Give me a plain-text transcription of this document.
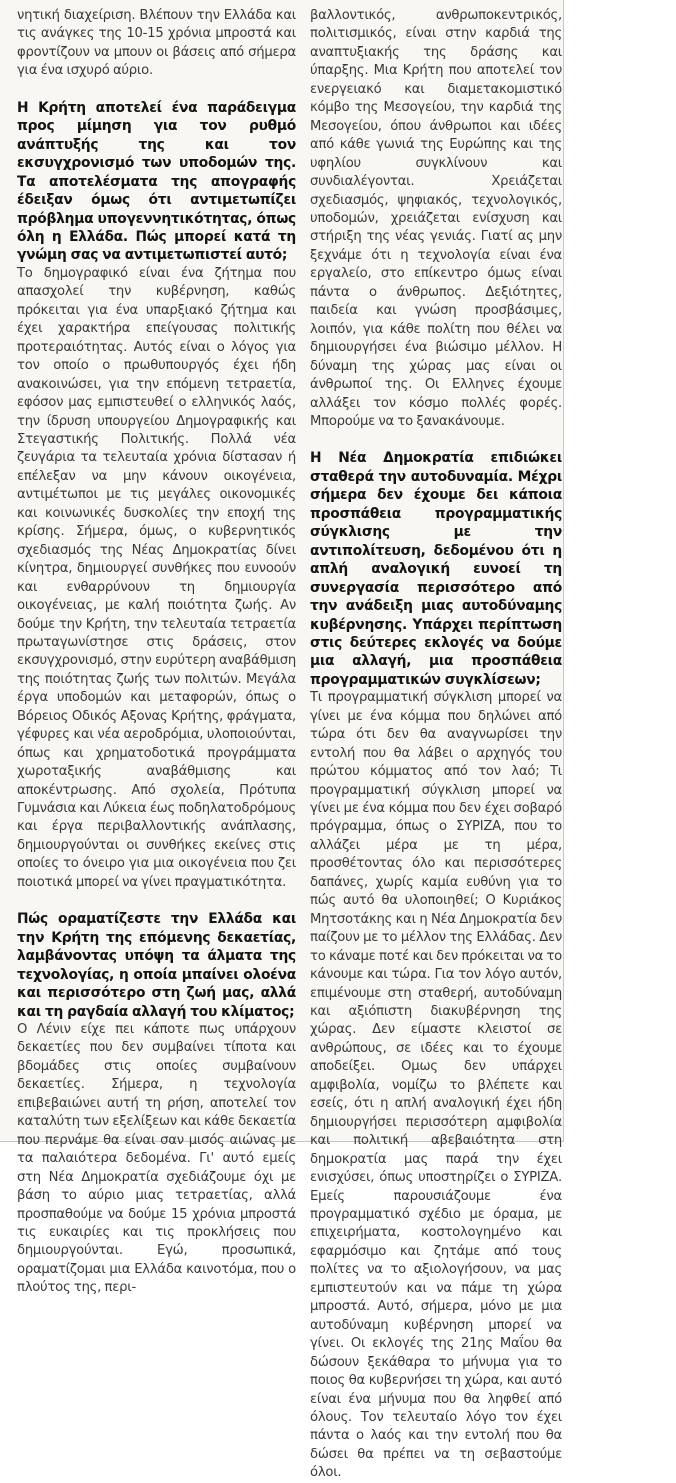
νητική διαχείριση. Βλέπουν την Ελλάδα και τις ανάγκες της 10-15 χρόνια μπροστά και φροντίζουν να μπουν οι βάσεις από σήμερα για ένα ισχυρό αύριο.

Η Κρήτη αποτελεί ένα παράδειγμα προς μίμηση για τον ρυθμό ανάπτυξής της και τον εκσυγχρονισμό των υποδομών της. Τα αποτελέσματα της απογραφής έδειξαν όμως ότι αντιμετωπίζει πρόβλημα υπογεννητικότητας, όπως όλη η Ελλάδα. Πώς μπορεί κατά τη γνώμη σας να αντιμετωπιστεί αυτό;

Το δημογραφικό είναι ένα ζήτημα που απασχολεί την κυβέρνηση, καθώς πρόκειται για ένα υπαρξιακό ζήτημα και έχει χαρακτήρα επείγουσας πολιτικής προτεραιότητας. Αυτός είναι ο λόγος για τον οποίο ο πρωθυπουργός έχει ήδη ανακοινώσει, για την επόμενη τετραετία, εφόσον μας εμπιστευθεί ο ελληνικός λαός, την ίδρυση υπουργείου Δημογραφικής και Στεγαστικής Πολιτικής. Πολλά νέα ζευγάρια τα τελευταία χρόνια δίστασαν ή επέλεξαν να μην κάνουν οικογένεια, αντιμέτωποι με τις μεγάλες οικονομικές και κοινωνικές δυσκολίες την εποχή της κρίσης. Σήμερα, όμως, ο κυβερνητικός σχεδιασμός της Νέας Δημοκρατίας δίνει κίνητρα, δημιουργεί συνθήκες που ευνοούν και ενθαρρύνουν τη δημιουργία οικογένειας, με καλή ποιότητα ζωής. Αν δούμε την Κρήτη, την τελευταία τετραετία πρωταγωνίστησε στις δράσεις, στον εκσυγχρονισμό, στην ευρύτερη αναβάθμιση της ποιότητας ζωής των πολιτών. Μεγάλα έργα υποδομών και μεταφορών, όπως ο Βόρειος Οδικός Αξονας Κρήτης, φράγματα, γέφυρες και νέα αεροδρόμια, υλοποιούνται, όπως και χρηματοδοτικά προγράμματα χωροταξικής αναβάθμισης και αποκέντρωσης. Από σχολεία, Πρότυπα Γυμνάσια και Λύκεια έως ποδηλατοδρόμους και έργα περιβαλλοντικής ανάπλασης, δημιουργούνται οι συνθήκες εκείνες στις οποίες το όνειρο για μια οικογένεια που ζει ποιοτικά μπορεί να γίνει πραγματικότητα.

Πώς οραματίζεστε την Ελλάδα και την Κρήτη της επόμενης δεκαετίας, λαμβάνοντας υπόψη τα άλματα της τεχνολογίας, η οποία μπαίνει ολοένα και περισσότερο στη ζωή μας, αλλά και τη ραγδαία αλλαγή του κλίματος;

Ο Λένιν είχε πει κάποτε πως υπάρχουν δεκαετίες που δεν συμβαίνει τίποτα και βδομάδες στις οποίες συμβαίνουν δεκαετίες. Σήμερα, η τεχνολογία επιβεβαιώνει αυτή τη ρήση, αποτελεί τον καταλύτη των εξελίξεων και κάθε δεκαετία που περνάμε θα είναι σαν μισός αιώνας με τα παλαιότερα δεδομένα. Γι' αυτό εμείς στη Νέα Δημοκρατία σχεδιάζουμε όχι με βάση το αύριο μιας τετραετίας, αλλά προσπαθούμε να δούμε 15 χρόνια μπροστά τις ευκαιρίες και τις προκλήσεις που δημιουργούνται. Εγώ, προσωπικά, οραματίζομαι μια Ελλάδα καινοτόμα, που ο πλούτος της, περι-

βαλλοντικός, ανθρωποκεντρικός, πολιτισμικός, είναι στην καρδιά της αναπτυξιακής της δράσης και ύπαρξης. Μια Κρήτη που αποτελεί τον ενεργειακό και διαμετακομιστικό κόμβο της Μεσογείου, την καρδιά της Μεσογείου, όπου άνθρωποι και ιδέες από κάθε γωνιά της Ευρώπης και της υφηλίου συγκλίνουν και συνδιαλέγονται. Χρειάζεται σχεδιασμός, ψηφιακός, τεχνολογικός, υποδομών, χρειάζεται ενίσχυση και στήριξη της νέας γενιάς. Γιατί ας μην ξεχνάμε ότι η τεχνολογία είναι ένα εργαλείο, στο επίκεντρο όμως είναι πάντα ο άνθρωπος. Δεξιότητες, παιδεία και γνώση προσβάσιμες, λοιπόν, για κάθε πολίτη που θέλει να δημιουργήσει ένα βιώσιμο μέλλον. Η δύναμη της χώρας μας είναι οι άνθρωποί της. Οι Ελληνες έχουμε αλλάξει τον κόσμο πολλές φορές. Μπορούμε να το ξανακάνουμε.

Η Νέα Δημοκρατία επιδιώκει σταθερά την αυτοδυναμία. Μέχρι σήμερα δεν έχουμε δει κάποια προσπάθεια προγραμματικής σύγκλισης με την αντιπολίτευση, δεδομένου ότι η απλή αναλογική ευνοεί τη συνεργασία περισσότερο από την ανάδειξη μιας αυτοδύναμης κυβέρνησης. Υπάρχει περίπτωση στις δεύτερες εκλογές να δούμε μια αλλαγή, μια προσπάθεια προγραμματικών συγκλίσεων;

Τι προγραμματική σύγκλιση μπορεί να γίνει με ένα κόμμα που δηλώνει από τώρα ότι δεν θα αναγνωρίσει την εντολή που θα λάβει ο αρχηγός του πρώτου κόμματος από τον λαό; Τι προγραμματική σύγκλιση μπορεί να γίνει με ένα κόμμα που δεν έχει σοβαρό πρόγραμμα, όπως ο ΣΥΡΙΖΑ, που το αλλάζει μέρα με τη μέρα, προσθέτοντας όλο και περισσότερες δαπάνες, χωρίς καμία ευθύνη για το πώς αυτό θα υλοποιηθεί; Ο Κυριάκος Μητσοτάκης και η Νέα Δημοκρατία δεν παίζουν με το μέλλον της Ελλάδας. Δεν το κάναμε ποτέ και δεν πρόκειται να το κάνουμε και τώρα. Για τον λόγο αυτόν, επιμένουμε στη σταθερή, αυτοδύναμη και αξιόπιστη διακυβέρνηση της χώρας. Δεν είμαστε κλειστοί σε ανθρώπους, σε ιδέες και το έχουμε αποδείξει. Ομως δεν υπάρχει αμφιβολία, νομίζω το βλέπετε και εσείς, ότι η απλή αναλογική έχει ήδη δημιουργήσει περισσότερη αμφιβολία και πολιτική αβεβαιότητα στη δημοκρατία μας παρά την έχει ενισχύσει, όπως υποστηρίζει ο ΣΥΡΙΖΑ. Εμείς παρουσιάζουμε ένα προγραμματικό σχέδιο με όραμα, με επιχειρήματα, κοστολογημένο και εφαρμόσιμο και ζητάμε από τους πολίτες να το αξιολογήσουν, να μας εμπιστευτούν και να πάμε τη χώρα μπροστά. Αυτό, σήμερα, μόνο με μια αυτοδύναμη κυβέρνηση μπορεί να γίνει. Οι εκλογές της 21ης Μαΐου θα δώσουν ξεκάθαρα το μήνυμα για το ποιος θα κυβερνήσει τη χώρα, και αυτό είναι ένα μήνυμα που θα ληφθεί από όλους. Τον τελευταίο λόγο τον έχει πάντα ο λαός και την εντολή που θα δώσει θα πρέπει να τη σεβαστούμε όλοι.
